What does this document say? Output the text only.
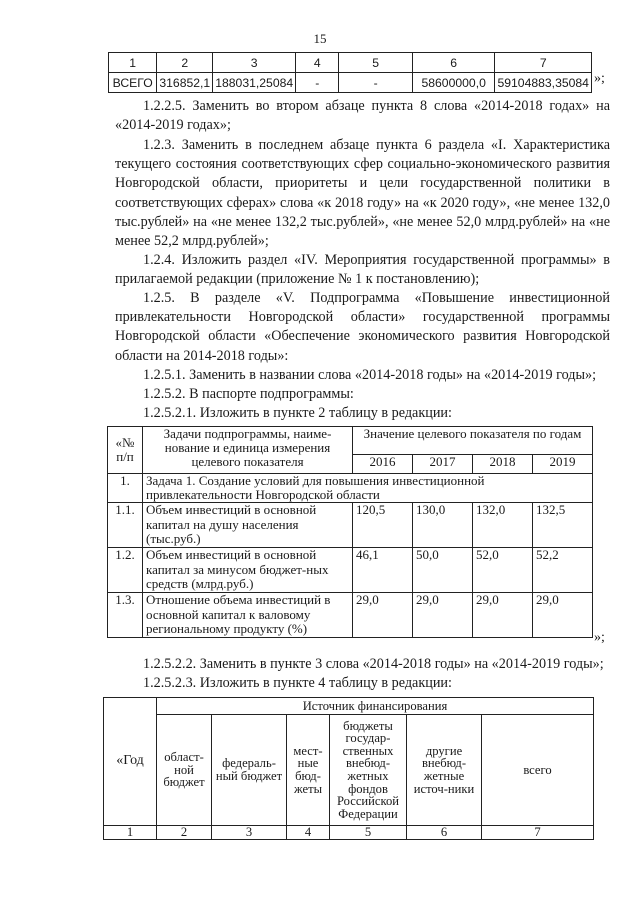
15
1	2	3	4	5	6	7
ВСЕГО	316852,1	188031,25084	-	-	58600000,0	59104883,35084 »;
1.2.2.5. Заменить во втором абзаце пункта 8 слова «2014-2018 годах» на «2014-2019 годах»;
1.2.3. Заменить в последнем абзаце пункта 6 раздела «I. Характеристика текущего состояния соответствующих сфер социально-экономического развития Новгородской области, приоритеты и цели государственной политики в соответствующих сферах» слова «к 2018 году» на «к 2020 году», «не менее 132,0 тыс.рублей» на «не менее 132,2 тыс.рублей», «не менее 52,0 млрд.рублей» на «не менее 52,2 млрд.рублей»;
1.2.4. Изложить раздел «IV. Мероприятия государственной программы» в прилагаемой редакции (приложение № 1 к постановлению);
1.2.5. В разделе «V. Подпрограмма «Повышение инвестиционной привлекательности Новгородской области» государственной программы Новгородской области «Обеспечение экономического развития Новгородской области на 2014-2018 годы»:
1.2.5.1. Заменить в названии слова «2014-2018 годы» на «2014-2019 годы»;
1.2.5.2. В паспорте подпрограммы:
1.2.5.2.1. Изложить в пункте 2 таблицу в редакции:
«№ п/п	Задачи подпрограммы, наиме-нование и единица измерения целевого показателя	Значение целевого показателя по годам			
		2016	2017	2018	2019
1.	Задача 1. Создание условий для повышения инвестиционной привлекательности Новгородской области				
1.1.	Объем инвестиций в основной капитал на душу населения (тыс.руб.)	120,5	130,0	132,0	132,5
1.2.	Объем инвестиций в основной капитал за минусом бюджет-ных средств (млрд.руб.)	46,1	50,0	52,0	52,2
1.3.	Отношение объема инвестиций в основной капитал к валовому региональному продукту (%)	29,0	29,0	29,0	29,0
»;
1.2.5.2.2. Заменить в пункте 3 слова «2014-2018 годы» на «2014-2019 годы»;
1.2.5.2.3. Изложить в пункте 4 таблицу в редакции:
«Год	Источник финансирования					
	област-ной бюджет	федераль-ный бюджет	мест-ные бюд-жеты	бюджеты государ-ственных внебюд-жетных фондов Российской Федерации	другие внебюд-жетные источ-ники	всего
1	2	3	4	5	6	7
